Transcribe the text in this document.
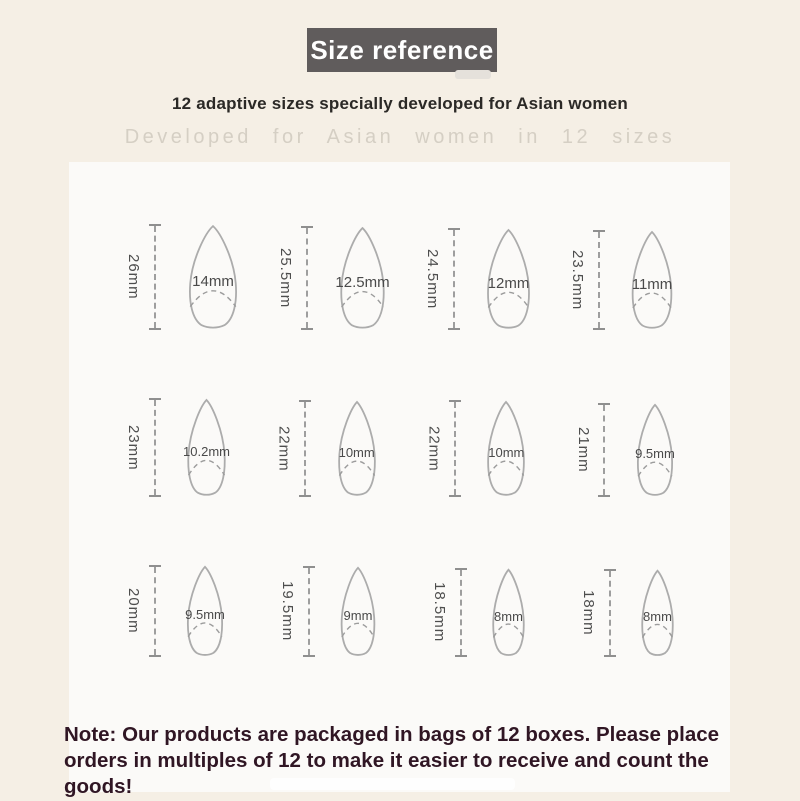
Size reference
12 adaptive sizes specially developed for Asian women
Developed for Asian women in 12 sizes
26mm	14mm	25.5mm	12.5mm 24.5mm	12mm	23.5mm	11mm
23mm	10.2mm	22mm	10mm	22mm	10mm	21mm	9.5mm
20mm	9.5mm	19.5mm	9mm	18.5mm	8mm	18mm	8mm
Note: Our products are packaged in bags of 12 boxes. Please place orders in multiples of 12 to make it easier to receive and count the goods!
